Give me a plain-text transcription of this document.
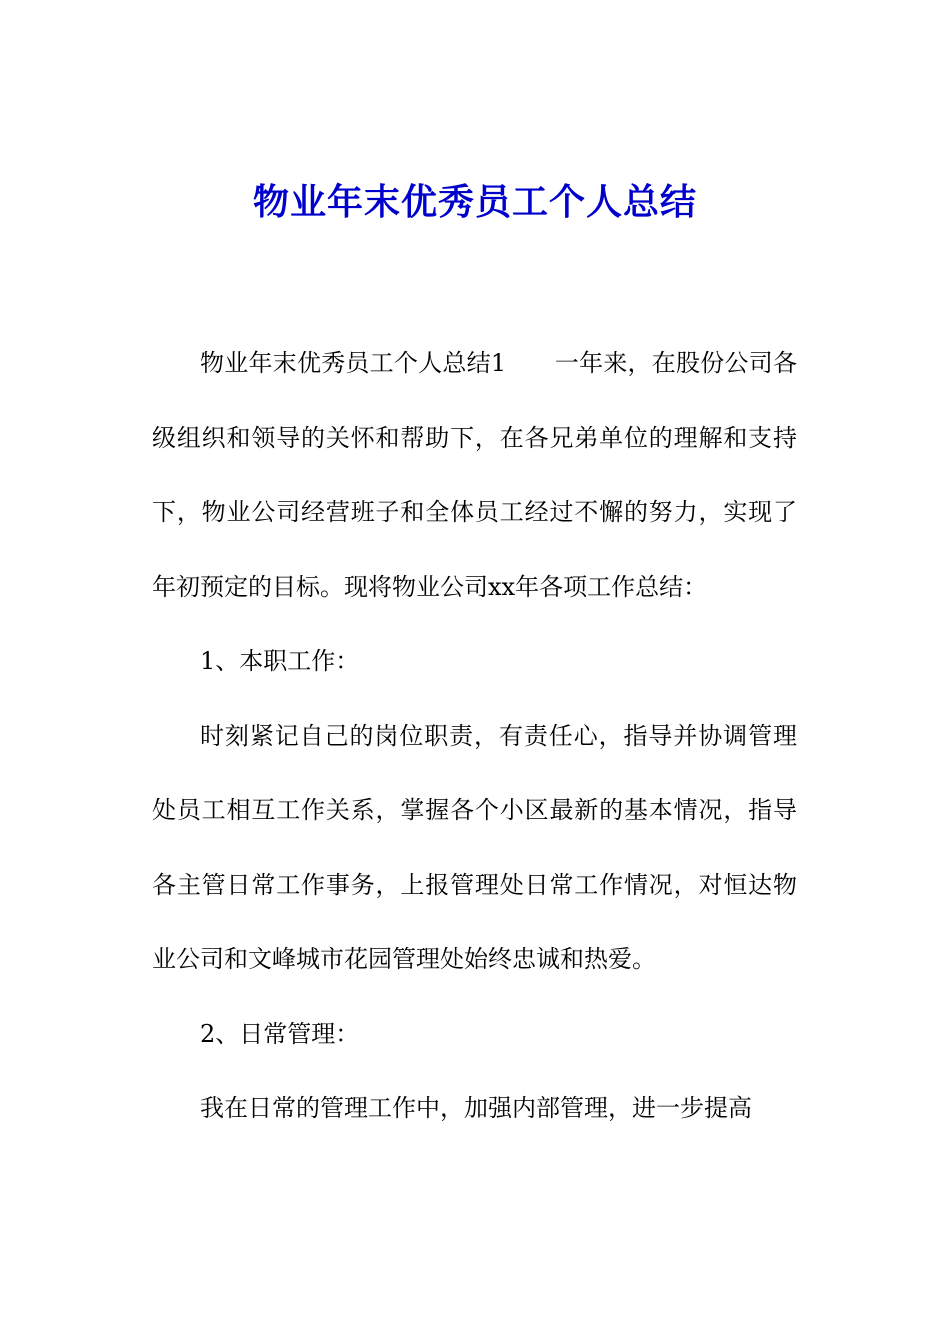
物业年末优秀员工个人总结

物业年末优秀员工个人总结1　　一年来，在股份公司各级组织和领导的关怀和帮助下，在各兄弟单位的理解和支持下，物业公司经营班子和全体员工经过不懈的努力，实现了年初预定的目标。现将物业公司xx年各项工作总结：

1、本职工作：

时刻紧记自己的岗位职责，有责任心，指导并协调管理处员工相互工作关系，掌握各个小区最新的基本情况，指导各主管日常工作事务，上报管理处日常工作情况，对恒达物业公司和文峰城市花园管理处始终忠诚和热爱。

2、日常管理：

我在日常的管理工作中，加强内部管理，进一步提高
